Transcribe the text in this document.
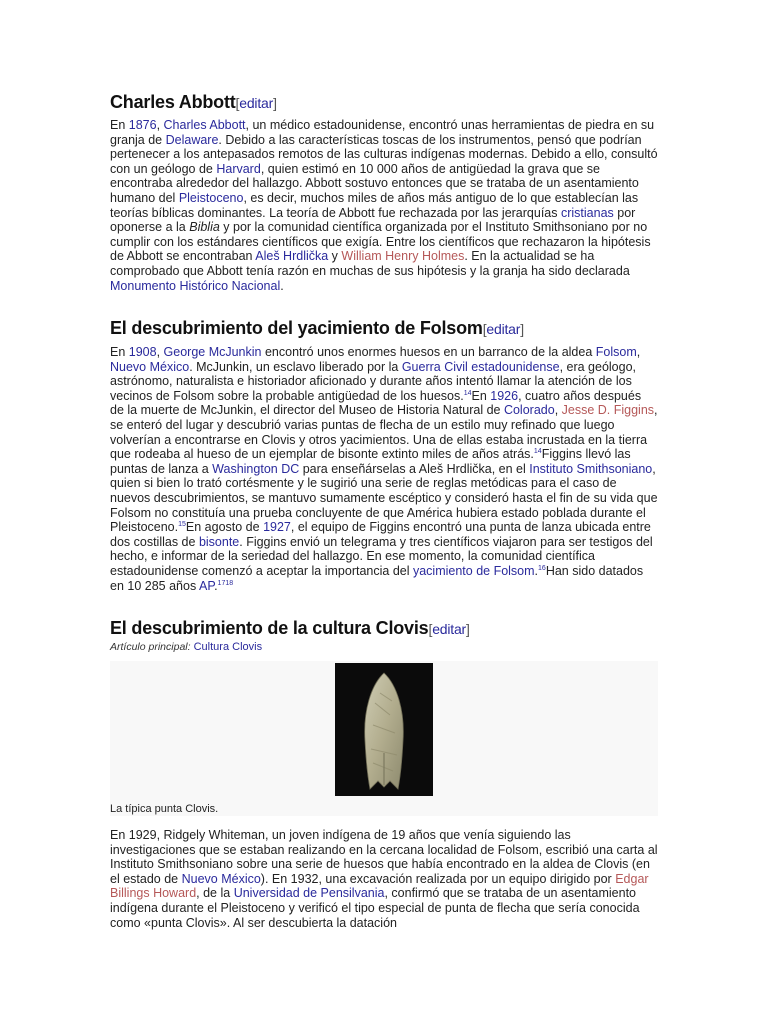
Charles Abbott[editar]

En 1876, Charles Abbott, un médico estadounidense, encontró unas herramientas de piedra en su granja de Delaware. Debido a las características toscas de los instrumentos, pensó que podrían pertenecer a los antepasados remotos de las culturas indígenas modernas. Debido a ello, consultó con un geólogo de Harvard, quien estimó en 10 000 años de antigüedad la grava que se encontraba alrededor del hallazgo. Abbott sostuvo entonces que se trataba de un asentamiento humano del Pleistoceno, es decir, muchos miles de años más antiguo de lo que establecían las teorías bíblicas dominantes. La teoría de Abbott fue rechazada por las jerarquías cristianas por oponerse a la Biblia y por la comunidad científica organizada por el Instituto Smithsoniano por no cumplir con los estándares científicos que exigía. Entre los científicos que rechazaron la hipótesis de Abbott se encontraban Aleš Hrdlička y William Henry Holmes. En la actualidad se ha comprobado que Abbott tenía razón en muchas de sus hipótesis y la granja ha sido declarada Monumento Histórico Nacional.

El descubrimiento del yacimiento de Folsom[editar]

En 1908, George McJunkin encontró unos enormes huesos en un barranco de la aldea Folsom, Nuevo México. McJunkin, un esclavo liberado por la Guerra Civil estadounidense, era geólogo, astrónomo, naturalista e historiador aficionado y durante años intentó llamar la atención de los vecinos de Folsom sobre la probable antigüedad de los huesos.$^{14}$En 1926, cuatro años después de la muerte de McJunkin, el director del Museo de Historia Natural de Colorado, Jesse D. Figgins, se enteró del lugar y descubrió varias puntas de flecha de un estilo muy refinado que luego volverían a encontrarse en Clovis y otros yacimientos. Una de ellas estaba incrustada en la tierra que rodeaba al hueso de un ejemplar de bisonte extinto miles de años atrás.$^{14}$Figgins llevó las puntas de lanza a Washington DC para enseñárselas a Aleš Hrdlička, en el Instituto Smithsoniano, quien si bien lo trató cortésmente y le sugirió una serie de reglas metódicas para el caso de nuevos descubrimientos, se mantuvo sumamente escéptico y consideró hasta el fin de su vida que Folsom no constituía una prueba concluyente de que América hubiera estado poblada durante el Pleistoceno.$^{15}$En agosto de 1927, el equipo de Figgins encontró una punta de lanza ubicada entre dos costillas de bisonte. Figgins envió un telegrama y tres científicos viajaron para ser testigos del hecho, e informar de la seriedad del hallazgo. En ese momento, la comunidad científica estadounidense comenzó a aceptar la importancia del yacimiento de Folsom.$^{16}$Han sido datados en 10 285 años AP.$^{1718}$

El descubrimiento de la cultura Clovis[editar]
Artículo principal: Cultura Clovis
La típica punta Clovis.

En 1929, Ridgely Whiteman, un joven indígena de 19 años que venía siguiendo las investigaciones que se estaban realizando en la cercana localidad de Folsom, escribió una carta al Instituto Smithsoniano sobre una serie de huesos que había encontrado en la aldea de Clovis (en el estado de Nuevo México). En 1932, una excavación realizada por un equipo dirigido por Edgar Billings Howard, de la Universidad de Pensilvania, confirmó que se trataba de un asentamiento indígena durante el Pleistoceno y verificó el tipo especial de punta de flecha que sería conocida como «punta Clovis». Al ser descubierta la datación
